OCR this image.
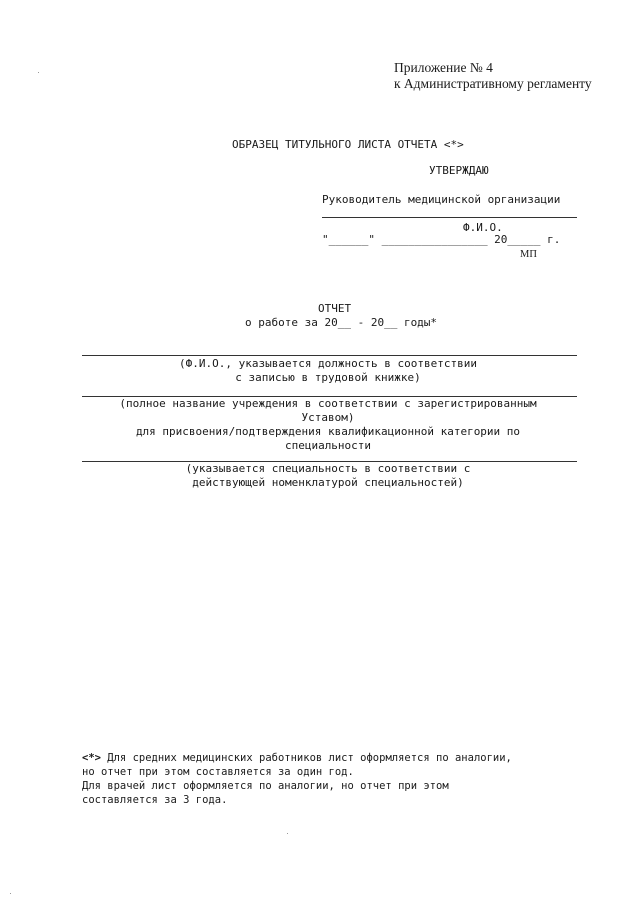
Приложение № 4
к Административному регламенту
ОБРАЗЕЦ ТИТУЛЬНОГО ЛИСТА ОТЧЕТА <*>
УТВЕРЖДАЮ
Руководитель медицинской организации
Ф.И.О.
"______" ________________ 20_____ г.
МП
ОТЧЕТ
о работе за 20__ - 20__ годы*
(Ф.И.О., указывается должность в соответствии
с записью в трудовой книжке)
(полное название учреждения в соответствии с зарегистрированным
Уставом)
для присвоения/подтверждения квалификационной категории по
специальности
(указывается специальность в соответствии с
действующей номенклатурой специальностей)
<*> Для средних медицинских работников лист оформляется по аналогии,
но отчет при этом составляется за один год.
Для врачей лист оформляется по аналогии, но отчет при этом
составляется за 3 года.
